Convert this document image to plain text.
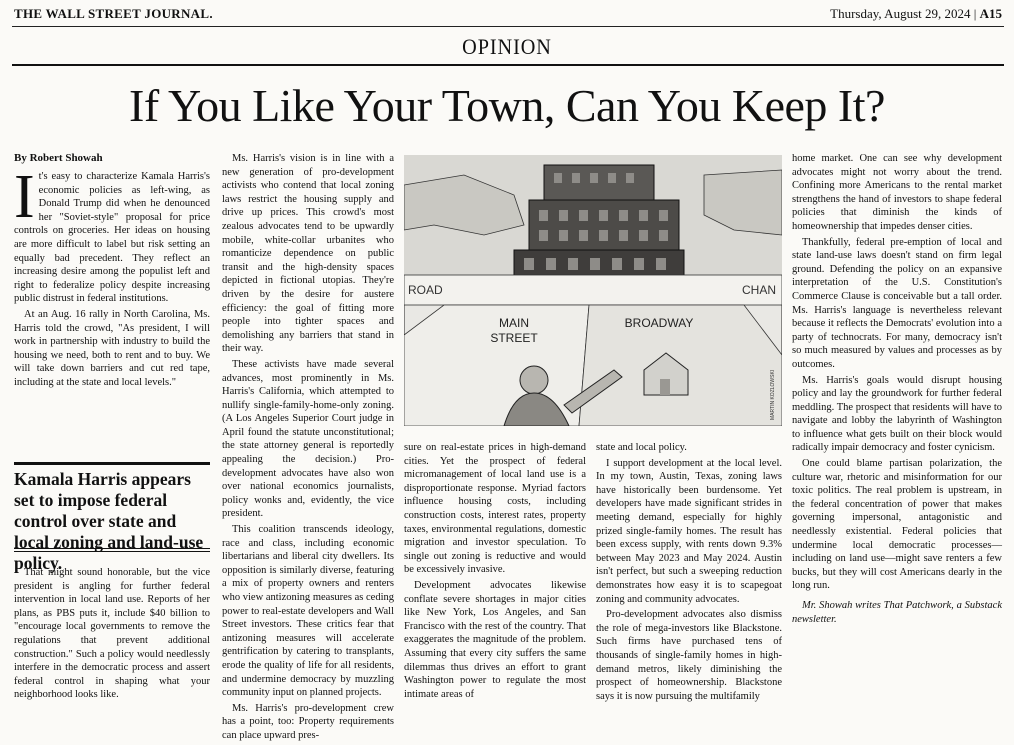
THE WALL STREET JOURNAL.	Thursday, August 29, 2024 | A15
OPINION
If You Like Your Town, Can You Keep It?
By Robert Showah

It's easy to characterize Kamala Harris's economic policies as left-wing, as Donald Trump did when he denounced her "Soviet-style" proposal for price controls on groceries. Her ideas on housing are more difficult to label but risk setting an equally bad precedent. They reflect an increasing desire among the populist left and right to federalize policy despite increasing public distrust in federal institutions.

At an Aug. 16 rally in North Carolina, Ms. Harris told the crowd, "As president, I will work in partnership with industry to build the housing we need, both to rent and to buy. We will take down barriers and cut red tape, including at the state and local levels."

Kamala Harris appears set to impose federal control over state and local zoning and land-use policy.

That might sound honorable, but the vice president is angling for further federal intervention in local land use. Reports of her plans, as PBS puts it, include $40 billion to "encourage local governments to remove the regulations that prevent additional construction." Such a policy would needlessly interfere in the democratic process and assert federal control in shaping what your neighborhood looks like.

Ms. Harris's vision is in line with a new generation of pro-development activists who contend that local zoning laws restrict the housing supply and drive up prices. This crowd's most zealous advocates tend to be upwardly mobile, white-collar urbanites who romanticize dependence on public transit and the high-density spaces depicted in fictional utopias. They're driven by the desire for austere efficiency: the goal of fitting more people into tighter spaces and demolishing any barriers that stand in their way.

These activists have made several advances, most prominently in Ms. Harris's California, which attempted to nullify single-family-home-only zoning. (A Los Angeles Superior Court judge in April found the statute unconstitutional; the state attorney general is reportedly appealing the decision.) Pro-development advocates have also won over national economics journalists, policy wonks and, evidently, the vice president.

This coalition transcends ideology, race and class, including economic libertarians and liberal city dwellers. Its opposition is similarly diverse, featuring a mix of property owners and renters who view antizoning measures as ceding power to real-estate developers and Wall Street investors. These critics fear that antizoning measures will accelerate gentrification by catering to transplants, erode the quality of life for all residents, and undermine democracy by muzzling community input on planned projects.

Ms. Harris's pro-development crew has a point, too: Property requirements can place upward pres-

ROAD	CHAN
MAIN
STREET
BROADWAY
MARTIN KOZLOWSKI

sure on real-estate prices in high-demand cities. Yet the prospect of federal micromanagement of local land use is a disproportionate response. Myriad factors influence housing costs, including construction costs, interest rates, property taxes, environmental regulations, domestic migration and investor speculation. To single out zoning is reductive and would be excessively invasive.

Development advocates likewise conflate severe shortages in major cities like New York, Los Angeles, and San Francisco with the rest of the country. That exaggerates the magnitude of the problem. Assuming that every city suffers the same dilemmas thus drives an effort to grant Washington power to regulate the most intimate areas of

state and local policy.

I support development at the local level. In my town, Austin, Texas, zoning laws have historically been burdensome. Yet developers have made significant strides in meeting demand, especially for highly prized single-family homes. The result has been excess supply, with rents down 9.3% between May 2023 and May 2024. Austin isn't perfect, but such a sweeping reduction demonstrates how easy it is to scapegoat zoning and community advocates.

Pro-development advocates also dismiss the role of mega-investors like Blackstone. Such firms have purchased tens of thousands of single-family homes in high-demand metros, likely diminishing the prospect of homeownership. Blackstone says it is now pursuing the multifamily

home market. One can see why development advocates might not worry about the trend. Confining more Americans to the rental market strengthens the hand of investors to shape federal policies that diminish the kinds of homeownership that impedes denser cities.

Thankfully, federal pre-emption of local and state land-use laws doesn't stand on firm legal ground. Defending the policy on an expansive interpretation of the U.S. Constitution's Commerce Clause is conceivable but a tall order. Ms. Harris's language is nevertheless relevant because it reflects the Democrats' evolution into a party of technocrats. For many, democracy isn't so much measured by values and processes as by outcomes.

Ms. Harris's goals would disrupt housing policy and lay the groundwork for further federal meddling. The prospect that residents will have to navigate and lobby the labyrinth of Washington to influence what gets built on their block would radically impair democracy and foster cynicism.

One could blame partisan polarization, the culture war, rhetoric and misinformation for our toxic politics. The real problem is upstream, in the federal concentration of power that makes governing impersonal, antagonistic and needlessly existential. Federal policies that undermine local democratic processes—including on land use—might save renters a few bucks, but they will cost Americans dearly in the long run.

Mr. Showah writes That Patchwork, a Substack newsletter.
